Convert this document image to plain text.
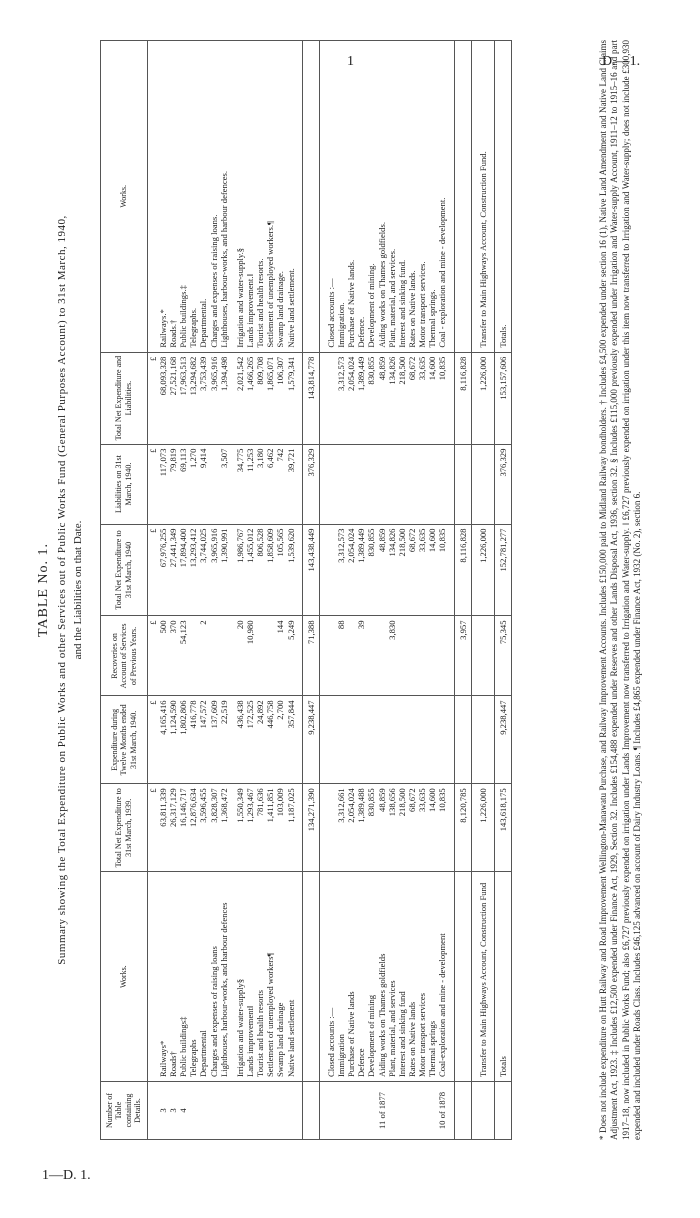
1	D.—1.
1—D. 1.
TABLE No. 1. Summary showing the Total Expenditure on Public Works and other Services out of Public Works Fund (General Purposes Account) to 31st March, 1940, and the Liabilities on that Date.
Number of Table containing Details.	Works.	Total Net Expenditure to 31st March, 1939.	Expenditure during Twelve Months ended 31st March, 1940.	Recoveries on Account of Services of Previous Years.	Total Net Expenditure to 31st March, 1940	Liabilities on 31st March, 1940.	Total Net Expenditure and Liabilities.	Works.
		£	£	£	£	£	£	
3	Railways*	63,811,339	4,165,416	500	67,976,255	117,073	68,093,328	Railways.*
3	Roads†	26,317,129	1,124,590	370	27,441,349	79,819	27,521,168	Roads.†
4	Public buildings‡	16,146,717	1,802,806	54,123	17,894,400	69,113	17,963,513	Public buildings.‡
	Telegraphs	12,876,634	416,778		13,293,412	1,270	13,294,682	Telegraphs.
	Departmental	3,596,455	147,572	2	3,744,025	9,414	3,753,439	Departmental.
	Charges and expenses of raising loans	3,828,307	137,609		3,965,916		3,965,916	Charges and expenses of raising loans.
	Lighthouses, harbour-works, and harbour defences	1,368,472	22,519		1,390,991	3,507	1,394,498	Lighthouses, harbour-works, and harbour defences.

	Irrigation and water-supply§	1,550,349	436,438	20	1,986,767	34,775	2,021,542	Irrigation and water-supply.§
	Lands improvement‖	1,293,467	172,525	10,980	1,455,012	11,253	1,466,265	Lands improvement.‖
	Tourist and health resorts	781,636	24,892		806,528	3,180	809,708	Tourist and health resorts.
	Settlement of unemployed workers¶	1,411,851	446,758		1,858,609	6,462	1,865,071	Settlement of unemployed workers.¶
	Swamp land drainage	103,009	2,700	144	105,565	742	106,307	Swamp land drainage.
	Native land settlement	1,187,025	357,844	5,249	1,539,620	39,721	1,579,341	Native land settlement.

		134,271,390	9,238,447	71,388	143,438,449	376,329	143,814,778	

	Closed accounts :—							Closed accounts :—
	Immigration	3,312,661		88	3,312,573		3,312,573	Immigration.
	Purchase of Native lands	2,054,024			2,054,024		2,054,024	Purchase of Native lands.
	Defence	1,389,488		39	1,389,449		1,389,449	Defence.
	Development of mining	830,855			830,855		830,855	Development of mining.
11 of 1877	Aiding works on Thames goldfields	48,859			48,859		48,859	Aiding works on Thames goldfields.
	Plant, material, and services	138,656		3,830	134,826		134,826	Plant, material, and services.
	Interest and sinking fund	218,500			218,500		218,500	Interest and sinking fund.
	Rates on Native lands	68,672			68,672		68,672	Rates on Native lands.
	Motor transport services	33,635			33,635		33,635	Motor transport services.
	Thermal springs	14,600			14,600		14,600	Thermal springs.
10 of 1878	Coal-exploration and mine - development	10,835			10,835		10,835	Coal - exploration and mine - development.

		8,120,785		3,957	8,116,828		8,116,828	

	Transfer to Main Highways Account, Construction Fund	1,226,000			1,226,000		1,226,000	Transfer to Main Highways Account, Construction Fund.

	Totals	143,618,175	9,238,447	75,345	152,781,277	376,329	153,157,606	Totals.	* Does not include expenditure on Hutt Railway and Road Improvement Wellington-Manawatu Purchase, and Railway Improvement Accounts. Includes £150,000 paid to Midland Railway bondholders. † Includes £4,500 expended under section 16 (1), Native Land Amendment and Native Land Claims Adjustment Act, 1923. ‡ Includes £12,500 expended under Finance Act, 1929, Section 32. Includes £154,488 expended under Reserves and other Lands Disposal Act, 1936, section 32. § Includes £115,000 previously expended under Irrigation and Water-supply Account, 1911–12 to 1915–16 and part 1917–18, now included in Public Works Fund; also £6,727 previously expended on irrigation under Lands Improvement now transferred to Irrigation and Water-supply. ‖ £6,727 previously expended on irrigation under this item now transferred to Irrigation and Water-supply; does not include £300,930 expended and included under Roads Class. Includes £46,125 advanced on account of Dairy Industry Loans. ¶ Includes £4,865 expended under Finance Act, 1932 (No. 2), section 6.
